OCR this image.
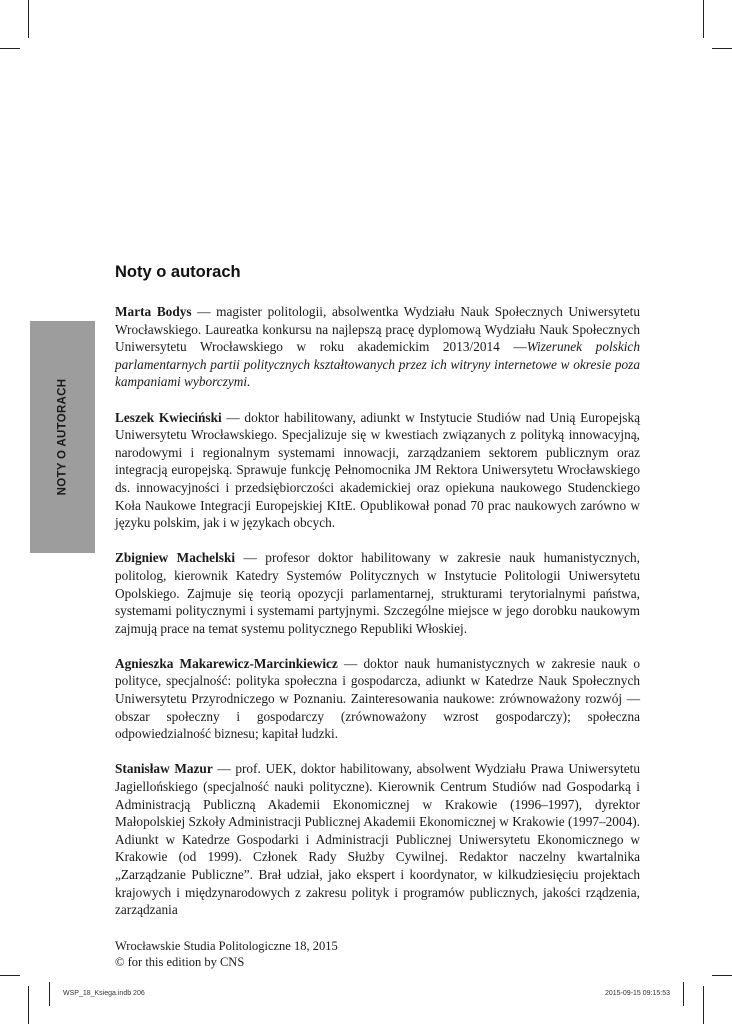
NOTY O AUTORACH
Noty o autorach

Marta Bodys — magister politologii, absolwentka Wydziału Nauk Społecznych Uniwersytetu Wrocławskiego. Laureatka konkursu na najlepszą pracę dyplomową Wydziału Nauk Społecznych Uniwersytetu Wrocławskiego w roku akademickim 2013/2014 —Wizerunek polskich parlamentarnych partii politycznych kształtowanych przez ich witryny internetowe w okresie poza kampaniami wyborczymi.

Leszek Kwieciński — doktor habilitowany, adiunkt w Instytucie Studiów nad Unią Europejską Uniwersytetu Wrocławskiego. Specjalizuje się w kwestiach związanych z polityką innowacyjną, narodowymi i regionalnym systemami innowacji, zarządzaniem sektorem publicznym oraz integracją europejską. Sprawuje funkcję Pełnomocnika JM Rektora Uniwersytetu Wrocławskiego ds. innowacyjności i przedsiębiorczości akademickiej oraz opiekuna naukowego Studenckiego Koła Naukowe Integracji Europejskiej KItE. Opublikował ponad 70 prac naukowych zarówno w języku polskim, jak i w językach obcych.

Zbigniew Machelski — profesor doktor habilitowany w zakresie nauk humanistycznych, politolog, kierownik Katedry Systemów Politycznych w Instytucie Politologii Uniwersytetu Opolskiego. Zajmuje się teorią opozycji parlamentarnej, strukturami terytorialnymi państwa, systemami politycznymi i systemami partyjnymi. Szczególne miejsce w jego dorobku naukowym zajmują prace na temat systemu politycznego Republiki Włoskiej.

Agnieszka Makarewicz-Marcinkiewicz — doktor nauk humanistycznych w zakresie nauk o polityce, specjalność: polityka społeczna i gospodarcza, adiunkt w Katedrze Nauk Społecznych Uniwersytetu Przyrodniczego w Poznaniu. Zainteresowania naukowe: zrównoważony rozwój — obszar społeczny i gospodarczy (zrównoważony wzrost gospodarczy); społeczna odpowiedzialność biznesu; kapitał ludzki.

Stanisław Mazur — prof. UEK, doktor habilitowany, absolwent Wydziału Prawa Uniwersytetu Jagiellońskiego (specjalność nauki polityczne). Kierownik Centrum Studiów nad Gospodarką i Administracją Publiczną Akademii Ekonomicznej w Krakowie (1996–1997), dyrektor Małopolskiej Szkoły Administracji Publicznej Akademii Ekonomicznej w Krakowie (1997–2004). Adiunkt w Katedrze Gospodarki i Administracji Publicznej Uniwersytetu Ekonomicznego w Krakowie (od 1999). Członek Rady Służby Cywilnej. Redaktor naczelny kwartalnika „Zarządzanie Publiczne”. Brał udział, jako ekspert i koordynator, w kilkudziesięciu projektach krajowych i międzynarodowych z zakresu polityk i programów publicznych, jakości rządzenia, zarządzania

Wrocławskie Studia Politologiczne 18, 2015
© for this edition by CNS
WSP_18_Ksiega.indb 206	2015-09-15 09:15:53
